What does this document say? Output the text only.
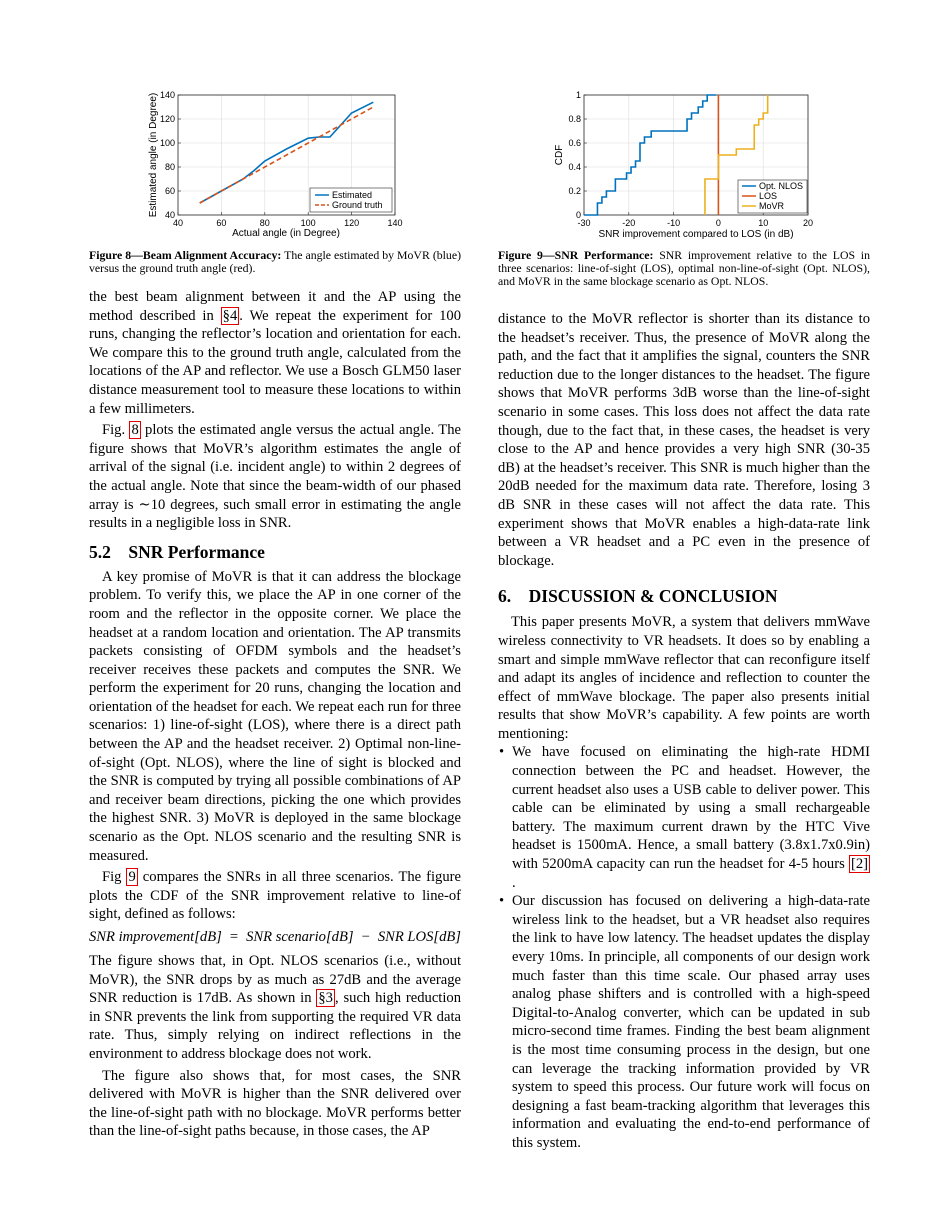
40	60	80	100	120	140
40
60
80
100
120
140
Actual angle (in Degree)
Estimated angle (in Degree)	Estimated
Ground truth
Figure 8—Beam Alignment Accuracy: The angle estimated by MoVR (blue) versus the ground truth angle (red).

the best beam alignment between it and the AP using the method described in §4 . We repeat the experiment for 100 runs, changing the reflector’s location and orientation for each. We compare this to the ground truth angle, calculated from the locations of the AP and reflector. We use a Bosch GLM50 laser distance measurement tool to measure these locations to within a few millimeters.

Fig. 8 plots the estimated angle versus the actual angle. The figure shows that MoVR’s algorithm estimates the angle of arrival of the signal (i.e. incident angle) to within 2 degrees of the actual angle. Note that since the beam-width of our phased array is ∼10 degrees, such small error in estimating the angle results in a negligible loss in SNR.

5.2    SNR Performance

A key promise of MoVR is that it can address the blockage problem. To verify this, we place the AP in one corner of the room and the reflector in the opposite corner. We place the headset at a random location and orientation. The AP transmits packets consisting of OFDM symbols and the headset’s receiver receives these packets and computes the SNR. We perform the experiment for 20 runs, changing the location and orientation of the headset for each. We repeat each run for three scenarios: 1) line-of-sight (LOS), where there is a direct path between the AP and the headset receiver. 2) Optimal non-line-of-sight (Opt. NLOS), where the line of sight is blocked and the SNR is computed by trying all possible combinations of AP and receiver beam directions, picking the one which provides the highest SNR. 3) MoVR is deployed in the same blockage scenario as the Opt. NLOS scenario and the resulting SNR is measured.

Fig 9 compares the SNRs in all three scenarios. The figure plots the CDF of the SNR improvement relative to line-of sight, defined as follows:

SNR improvement[dB] = SNR scenario[dB] − SNR LOS[dB]

The figure shows that, in Opt. NLOS scenarios (i.e., without MoVR), the SNR drops by as much as 27dB and the average SNR reduction is 17dB. As shown in §3 , such high reduction in SNR prevents the link from supporting the required VR data rate. Thus, simply relying on indirect reflections in the environment to address blockage does not work.

The figure also shows that, for most cases, the SNR delivered with MoVR is higher than the SNR delivered over the line-of-sight path with no blockage. MoVR performs better than the line-of-sight paths because, in those cases, the AP

-30	-20	-10	0	10	20
0
0.2
0.4
0.6
0.8
1
SNR improvement compared to LOS (in dB)
CDF
Opt. NLOS
LOS
MoVR
Figure 9—SNR Performance: SNR improvement relative to the LOS in three scenarios: line-of-sight (LOS), optimal non-line-of-sight (Opt. NLOS), and MoVR in the same blockage scenario as Opt. NLOS.

distance to the MoVR reflector is shorter than its distance to the headset’s receiver. Thus, the presence of MoVR along the path, and the fact that it amplifies the signal, counters the SNR reduction due to the longer distances to the headset. The figure shows that MoVR performs 3dB worse than the line-of-sight scenario in some cases. This loss does not affect the data rate though, due to the fact that, in these cases, the headset is very close to the AP and hence provides a very high SNR (30-35 dB) at the headset’s receiver. This SNR is much higher than the 20dB needed for the maximum data rate. Therefore, losing 3 dB SNR in these cases will not affect the data rate. This experiment shows that MoVR enables a high-data-rate link between a VR headset and a PC even in the presence of blockage.

6.    DISCUSSION & CONCLUSION

This paper presents MoVR, a system that delivers mmWave wireless connectivity to VR headsets. It does so by enabling a smart and simple mmWave reflector that can reconfigure itself and adapt its angles of incidence and reflection to counter the effect of mmWave blockage. The paper also presents initial results that show MoVR’s capability. A few points are worth mentioning:

• We have focused on eliminating the high-rate HDMI connection between the PC and headset. However, the current headset also uses a USB cable to deliver power. This cable can be eliminated by using a small rechargeable battery. The maximum current drawn by the HTC Vive headset is 1500mA. Hence, a small battery (3.8x1.7x0.9in) with 5200mA capacity can run the headset for 4-5 hours [2] .
• Our discussion has focused on delivering a high-data-rate wireless link to the headset, but a VR headset also requires the link to have low latency. The headset updates the display every 10ms. In principle, all components of our design work much faster than this time scale. Our phased array uses analog phase shifters and is controlled with a high-speed Digital-to-Analog converter, which can be updated in sub micro-second time frames. Finding the best beam alignment is the most time consuming process in the design, but one can leverage the tracking information provided by VR system to speed this process. Our future work will focus on designing a fast beam-tracking algorithm that leverages this information and evaluating the end-to-end performance of this system.
